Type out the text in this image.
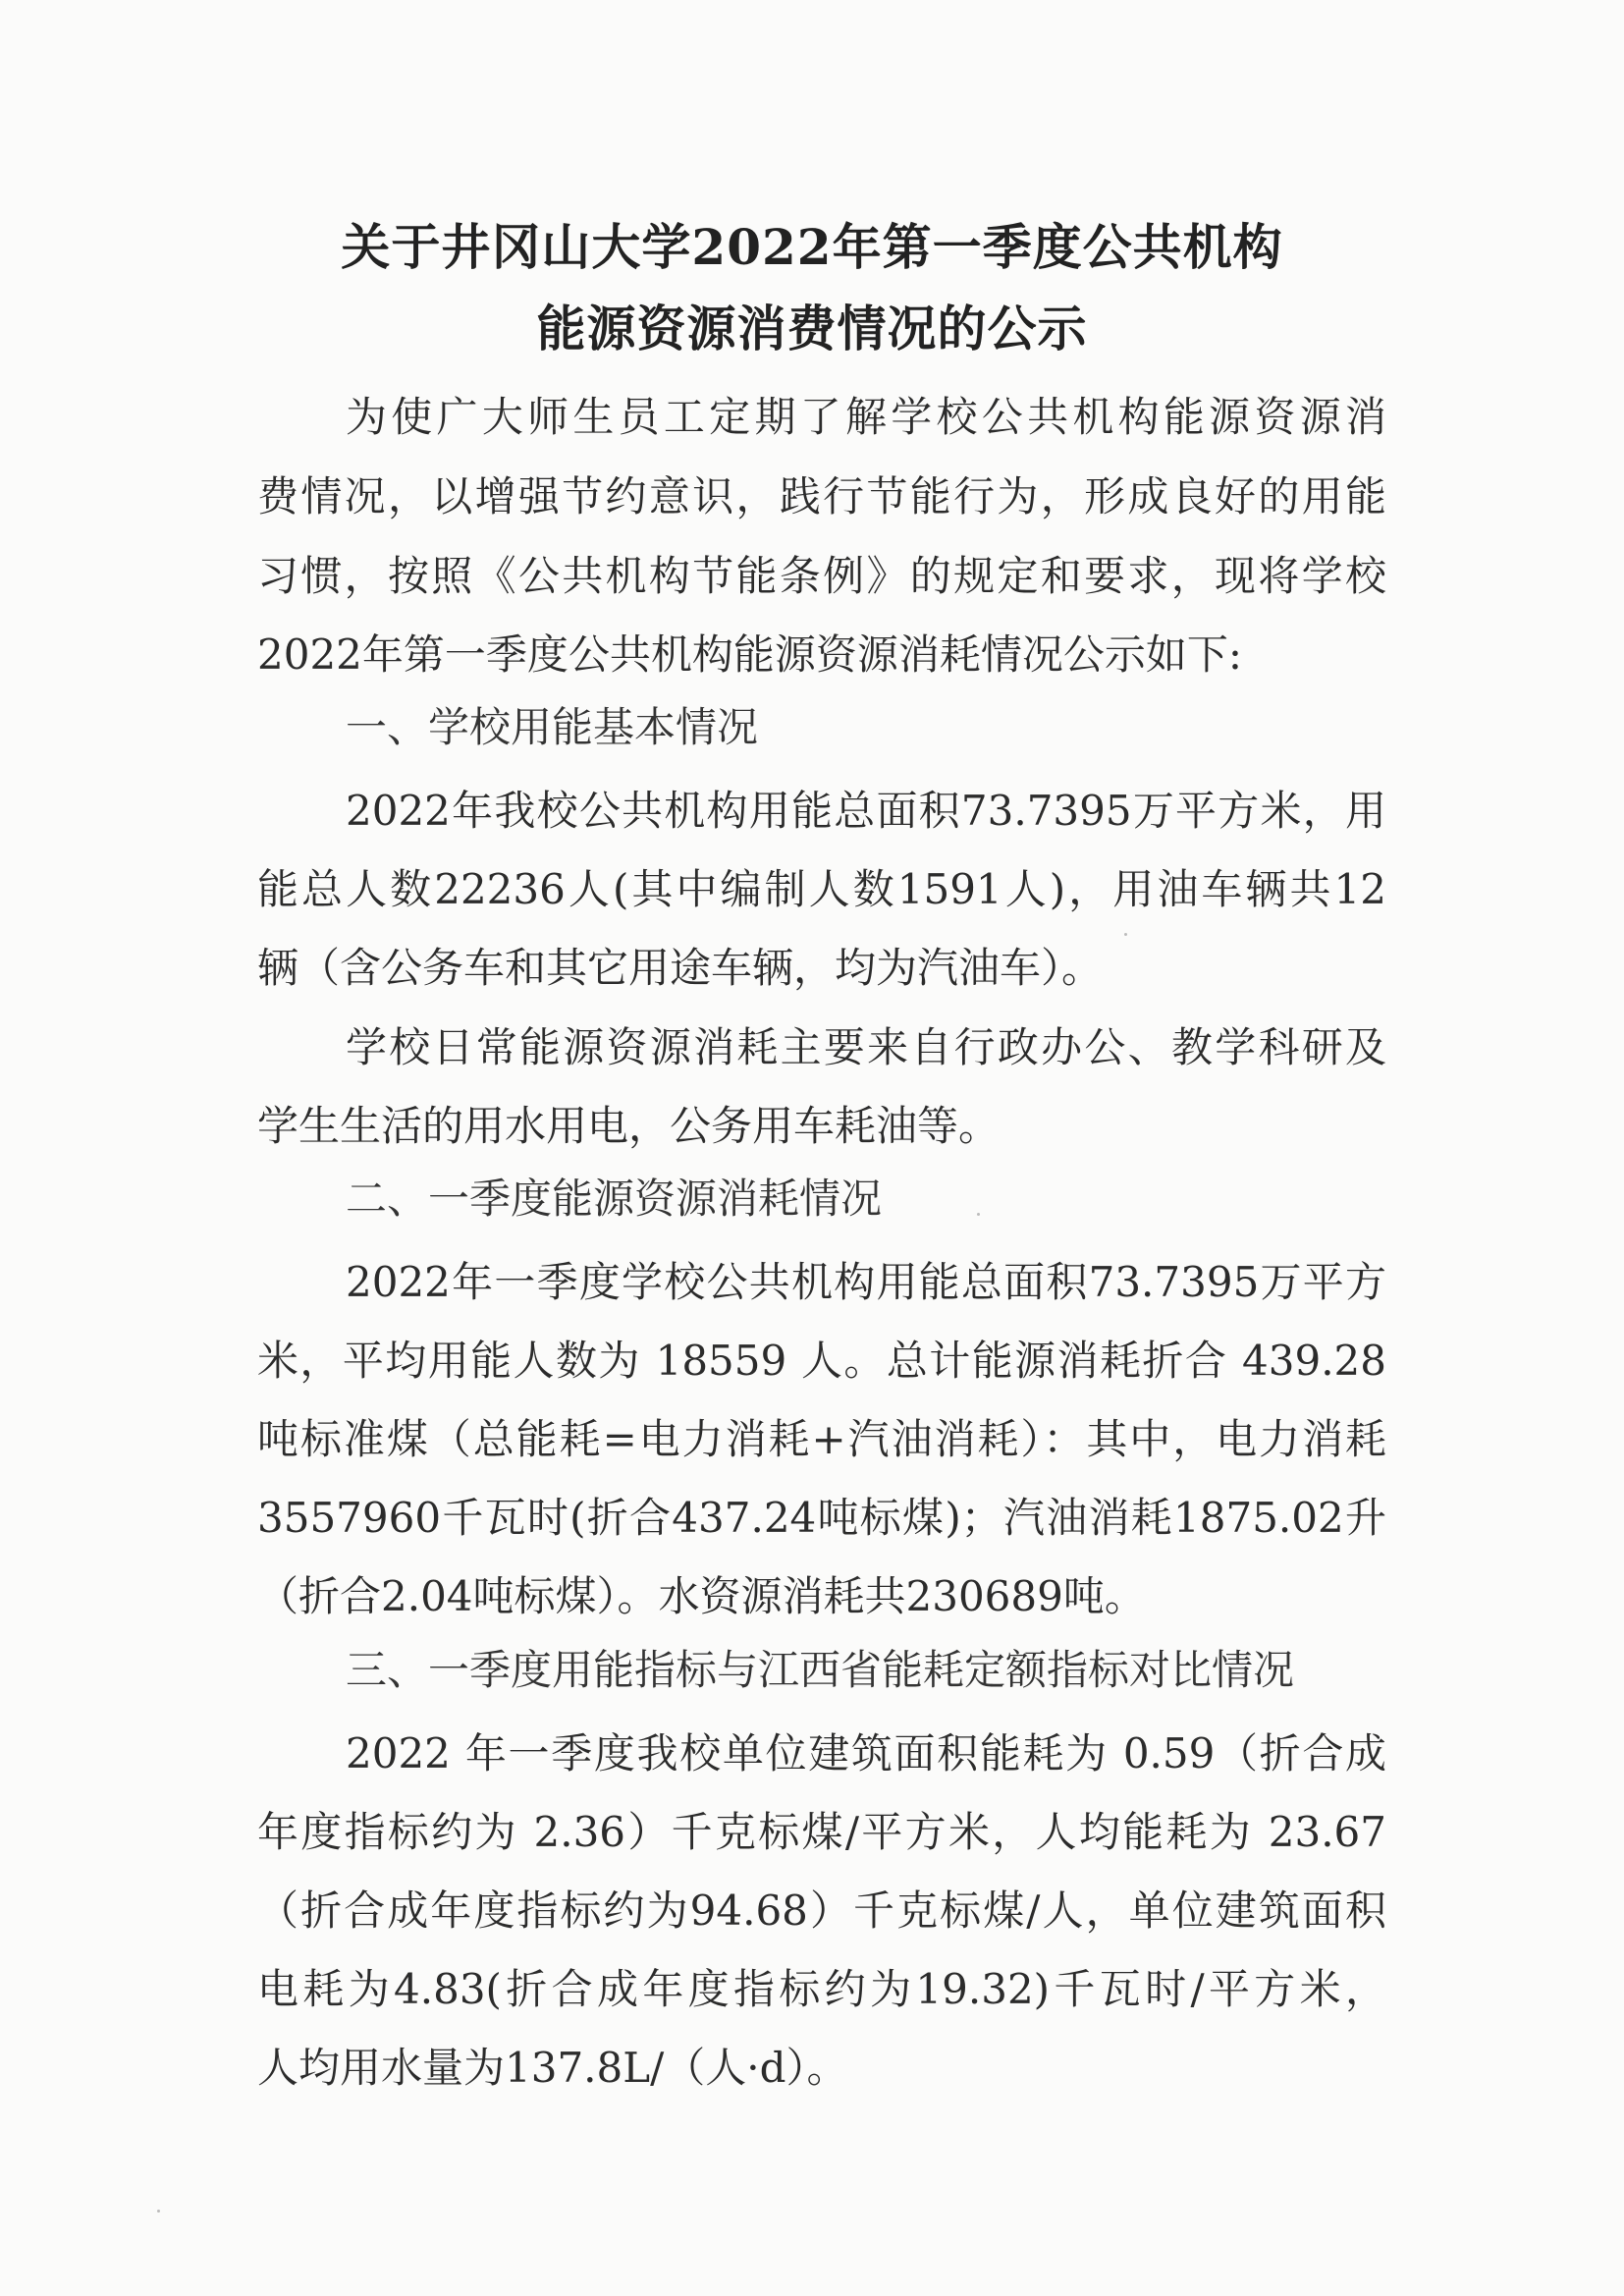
关于井冈山大学2022年第一季度公共机构
能源资源消费情况的公示
为使广大师生员工定期了解学校公共机构能源资源消
费情况，以增强节约意识，践行节能行为，形成良好的用能
习惯，按照《公共机构节能条例》的规定和要求，现将学校
2022年第一季度公共机构能源资源消耗情况公示如下:
一、学校用能基本情况
2022年我校公共机构用能总面积73.7395万平方米，用
能总人数22236人(其中编制人数1591人)，用油车辆共12
辆（含公务车和其它用途车辆，均为汽油车）。
学校日常能源资源消耗主要来自行政办公、教学科研及
学生生活的用水用电，公务用车耗油等。
二、一季度能源资源消耗情况
2022年一季度学校公共机构用能总面积73.7395万平方
米，平均用能人数为 18559 人。总计能源消耗折合 439.28
吨标准煤（总能耗=电力消耗+汽油消耗）：其中，电力消耗
3557960千瓦时(折合437.24吨标煤)；汽油消耗1875.02升
（折合2.04吨标煤）。水资源消耗共230689吨。
三、一季度用能指标与江西省能耗定额指标对比情况
2022 年一季度我校单位建筑面积能耗为 0.59（折合成
年度指标约为 2.36）千克标煤/平方米，人均能耗为 23.67
（折合成年度指标约为94.68）千克标煤/人，单位建筑面积
电耗为4.83(折合成年度指标约为19.32)千瓦时/平方米，
人均用水量为137.8L/（人·d）。
